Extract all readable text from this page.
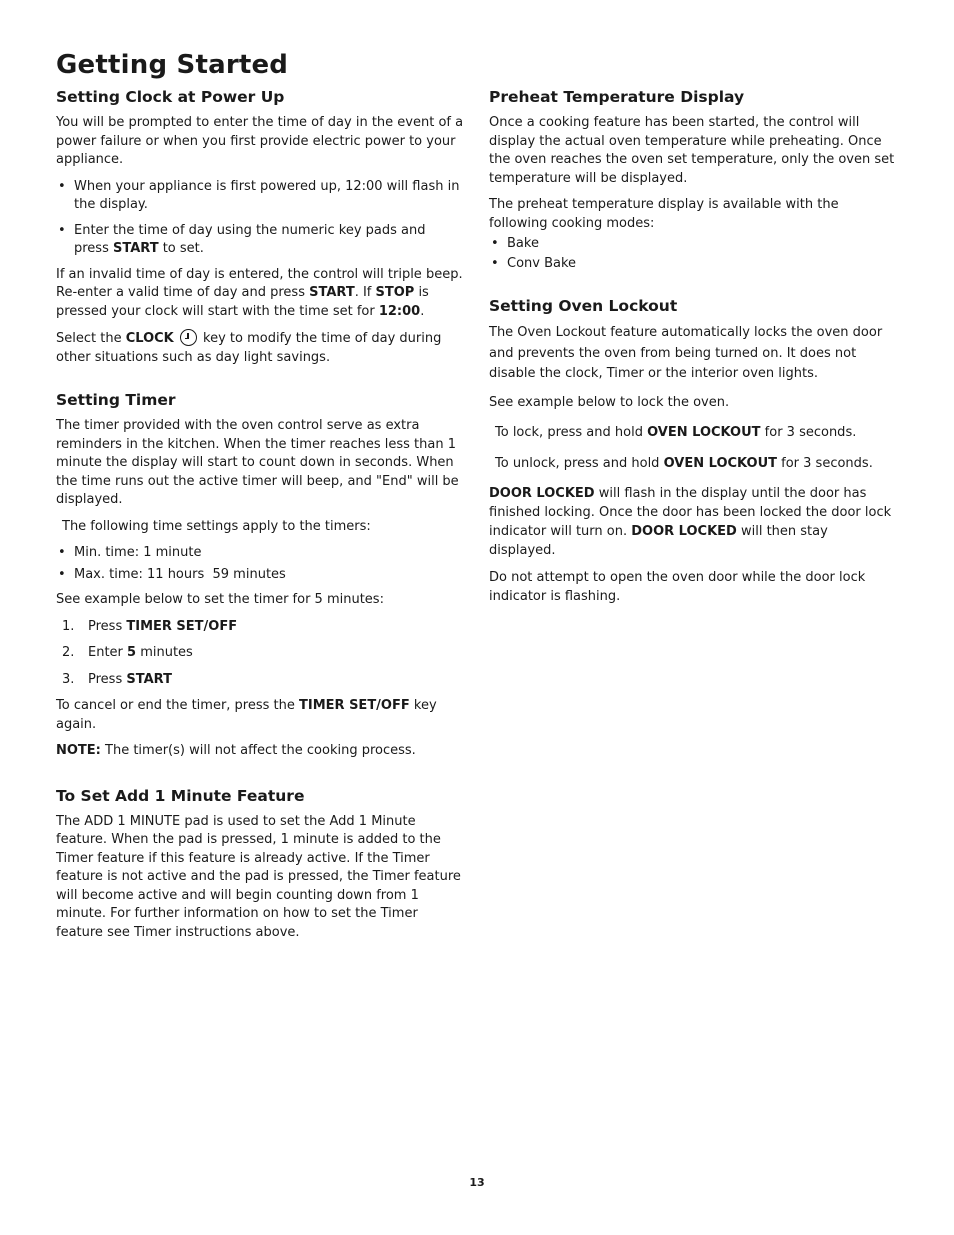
Getting Started
Setting Clock at Power Up

You will be prompted to enter the time of day in the event of a power failure or when you first provide electric power to your appliance.

• When your appliance is first powered up, 12:00 will flash in the display.
• Enter the time of day using the numeric key pads and press START to set.

If an invalid time of day is entered, the control will triple beep. Re-enter a valid time of day and press START. If STOP is pressed your clock will start with the time set for 12:00.

Select the CLOCK  key to modify the time of day during other situations such as day light savings.

Setting Timer

The timer provided with the oven control serve as extra reminders in the kitchen. When the timer reaches less than 1 minute the display will start to count down in seconds. When the time runs out the active timer will beep, and "End" will be displayed.

The following time settings apply to the timers:

• Min. time: 1 minute
• Max. time: 11 hours  59 minutes

See example below to set the timer for 5 minutes:

1.	Press TIMER SET/OFF
2.	Enter 5 minutes
3.	Press START

To cancel or end the timer, press the TIMER SET/OFF key again.

NOTE: The timer(s) will not affect the cooking process.

To Set Add 1 Minute Feature

The ADD 1 MINUTE pad is used to set the Add 1 Minute feature. When the pad is pressed, 1 minute is added to the Timer feature if this feature is already active. If the Timer feature is not active and the pad is pressed, the Timer feature will become active and will begin counting down from 1 minute. For further information on how to set the Timer feature see Timer instructions above.

Preheat Temperature Display

Once a cooking feature has been started, the control will display the actual oven temperature while preheating. Once the oven reaches the oven set temperature, only the oven set temperature will be displayed.

The preheat temperature display is available with the following cooking modes:

• Bake
• Conv Bake
Setting Oven Lockout

The Oven Lockout feature automatically locks the oven door and prevents the oven from being turned on. It does not disable the clock, Timer or the interior oven lights.

See example below to lock the oven.

To lock, press and hold OVEN LOCKOUT for 3 seconds.

To unlock, press and hold OVEN LOCKOUT for 3 seconds.

DOOR LOCKED will flash in the display until the door has finished locking. Once the door has been locked the door lock indicator will turn on. DOOR LOCKED will then stay displayed.

Do not attempt to open the oven door while the door lock indicator is flashing.

13
